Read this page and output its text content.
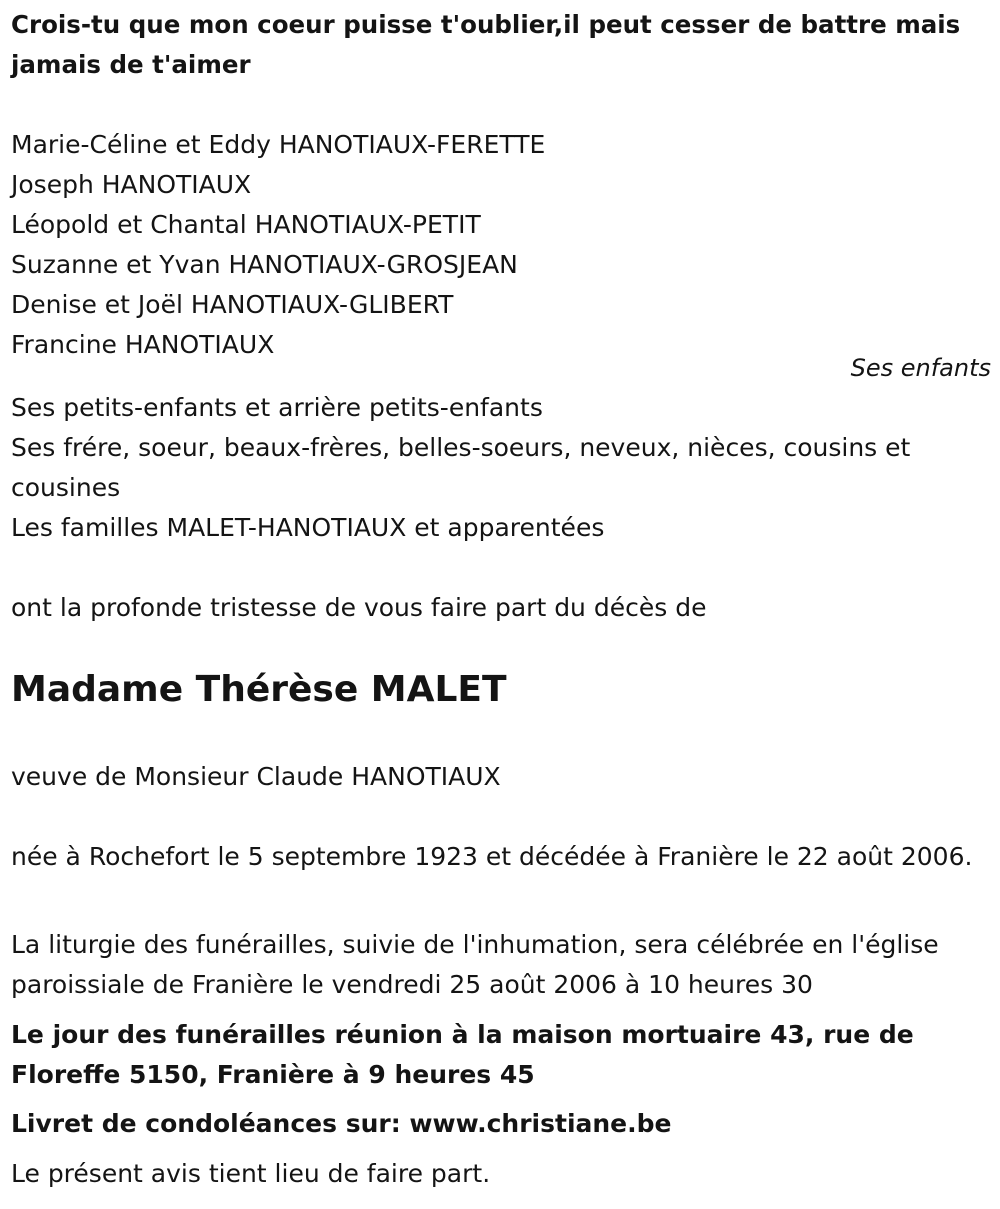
Crois-tu que mon coeur puisse t'oublier,il peut cesser de battre mais jamais de t'aimer

Marie-Céline et Eddy HANOTIAUX-FERETTE
Joseph HANOTIAUX
Léopold et Chantal HANOTIAUX-PETIT
Suzanne et Yvan HANOTIAUX-GROSJEAN
Denise et Joël HANOTIAUX-GLIBERT
Francine HANOTIAUX
Ses enfants
Ses petits-enfants et arrière petits-enfants
Ses frére, soeur, beaux-frères, belles-soeurs, neveux, nièces, cousins et cousines
Les familles MALET-HANOTIAUX et apparentées

ont la profonde tristesse de vous faire part du décès de

Madame Thérèse MALET

veuve de Monsieur Claude HANOTIAUX

née à Rochefort le 5 septembre 1923 et décédée à Franière le 22 août 2006.

La liturgie des funérailles, suivie de l'inhumation, sera célébrée en l'église paroissiale de Franière le vendredi 25 août 2006 à 10 heures 30

Le jour des funérailles réunion à la maison mortuaire 43, rue de Floreffe 5150, Franière à 9 heures 45

Livret de condoléances sur: www.christiane.be

Le présent avis tient lieu de faire part.
